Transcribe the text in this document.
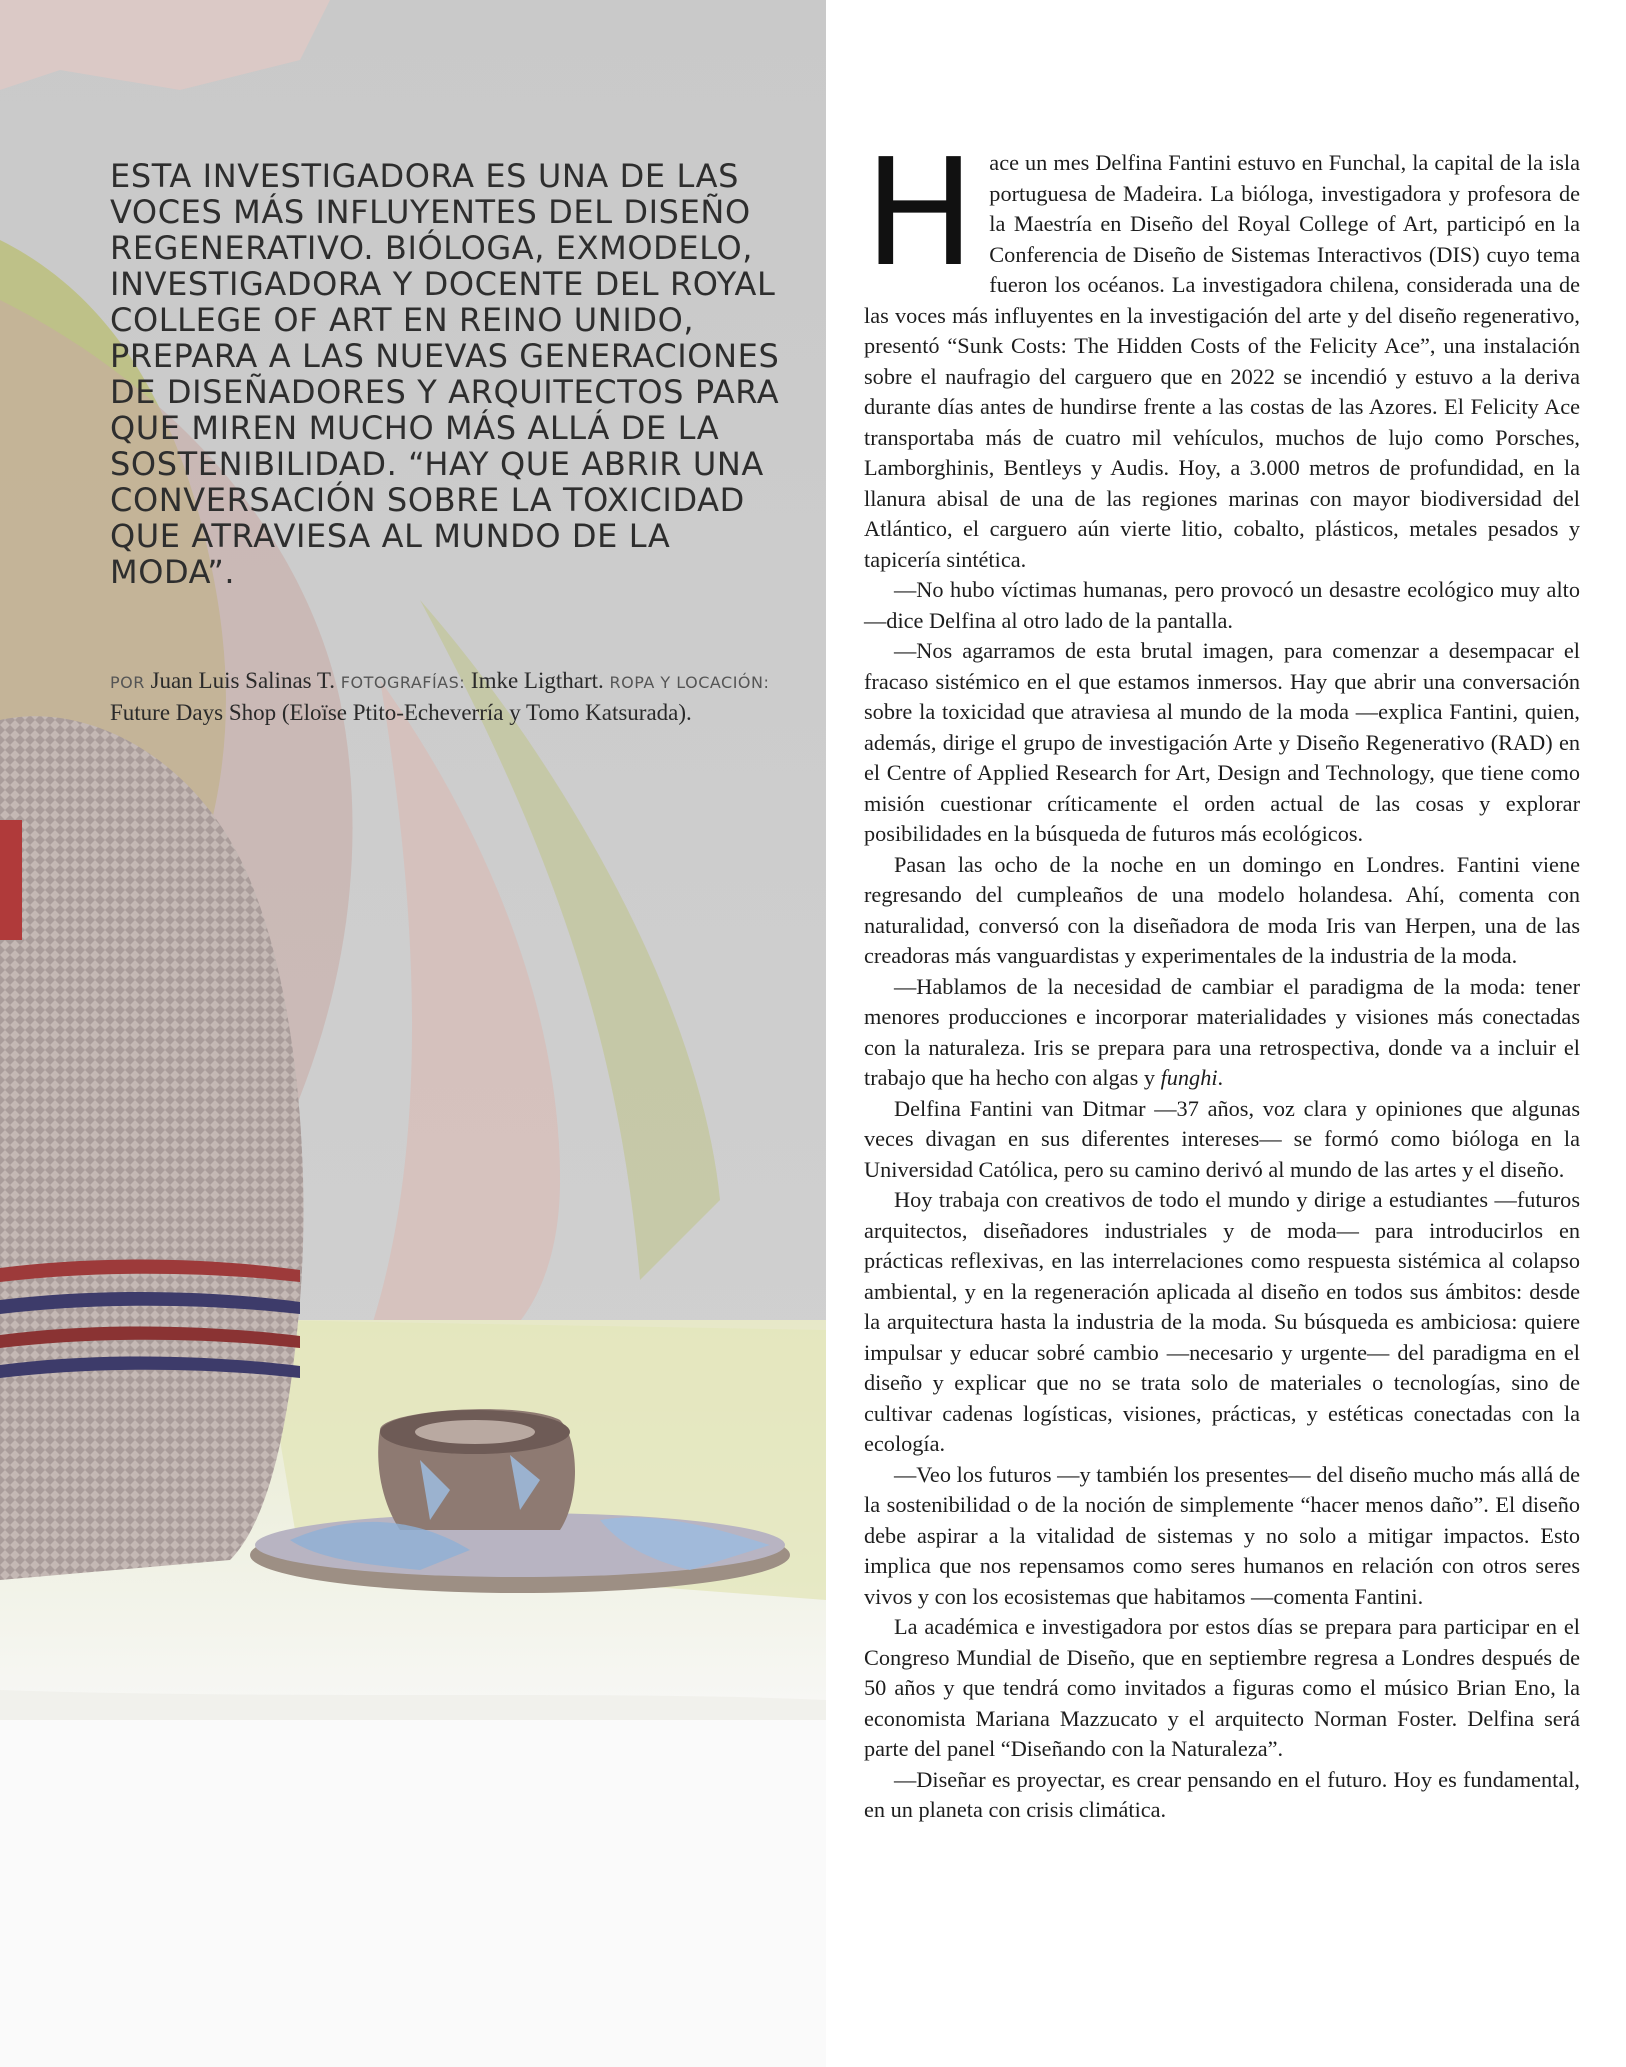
ESTA INVESTIGADORA ES UNA DE LAS VOCES MÁS INFLUYENTES DEL DISEÑO REGENERATIVO. BIÓLOGA, EXMODELO, INVESTIGADORA Y DOCENTE DEL ROYAL COLLEGE OF ART EN REINO UNIDO, PREPARA A LAS NUEVAS GENERACIONES DE DISEÑADORES Y ARQUITECTOS PARA QUE MIREN MUCHO MÁS ALLÁ DE LA SOSTENIBILIDAD. “HAY QUE ABRIR UNA CONVERSACIÓN SOBRE LA TOXICIDAD QUE ATRAVIESA AL MUNDO DE LA MODA”.

POR Juan Luis Salinas T. FOTOGRAFÍAS: Imke Ligthart. ROPA Y LOCACIÓN: Future Days Shop (Eloïse Ptito-Echeverría y Tomo Katsurada).

Hace un mes Delfina Fantini estuvo en Funchal, la capital de la isla portuguesa de Madeira. La bióloga, investigadora y profesora de la Maestría en Diseño del Royal College of Art, participó en la Conferencia de Diseño de Sistemas Interactivos (DIS) cuyo tema fueron los océanos. La investigadora chilena, considerada una de las voces más influyentes en la investigación del arte y del diseño regenerativo, presentó “Sunk Costs: The Hidden Costs of the Felicity Ace”, una instalación sobre el naufragio del carguero que en 2022 se incendió y estuvo a la deriva durante días antes de hundirse frente a las costas de las Azores. El Felicity Ace transportaba más de cuatro mil vehículos, muchos de lujo como Porsches, Lamborghinis, Bentleys y Audis. Hoy, a 3.000 metros de profundidad, en la llanura abisal de una de las regiones marinas con mayor biodiversidad del Atlántico, el carguero aún vierte litio, cobalto, plásticos, metales pesados y tapicería sintética.

—No hubo víctimas humanas, pero provocó un desastre ecológico muy alto —dice Delfina al otro lado de la pantalla.

—Nos agarramos de esta brutal imagen, para comenzar a desempacar el fracaso sistémico en el que estamos inmersos. Hay que abrir una conversación sobre la toxicidad que atraviesa al mundo de la moda —explica Fantini, quien, además, dirige el grupo de investigación Arte y Diseño Regenerativo (RAD) en el Centre of Applied Research for Art, Design and Technology, que tiene como misión cuestionar críticamente el orden actual de las cosas y explorar posibilidades en la búsqueda de futuros más ecológicos.

Pasan las ocho de la noche en un domingo en Londres. Fantini viene regresando del cumpleaños de una modelo holandesa. Ahí, comenta con naturalidad, conversó con la diseñadora de moda Iris van Herpen, una de las creadoras más vanguardistas y experimentales de la industria de la moda.

—Hablamos de la necesidad de cambiar el paradigma de la moda: tener menores producciones e incorporar materialidades y visiones más conectadas con la naturaleza. Iris se prepara para una retrospectiva, donde va a incluir el trabajo que ha hecho con algas y funghi.

Delfina Fantini van Ditmar —37 años, voz clara y opiniones que algunas veces divagan en sus diferentes intereses— se formó como bióloga en la Universidad Católica, pero su camino derivó al mundo de las artes y el diseño.

Hoy trabaja con creativos de todo el mundo y dirige a estudiantes —futuros arquitectos, diseñadores industriales y de moda— para introducirlos en prácticas reflexivas, en las interrelaciones como respuesta sistémica al colapso ambiental, y en la regeneración aplicada al diseño en todos sus ámbitos: desde la arquitectura hasta la industria de la moda. Su búsqueda es ambiciosa: quiere impulsar y educar sobré cambio —necesario y urgente— del paradigma en el diseño y explicar que no se trata solo de materiales o tecnologías, sino de cultivar cadenas logísticas, visiones, prácticas, y estéticas conectadas con la ecología.

—Veo los futuros —y también los presentes— del diseño mucho más allá de la sostenibilidad o de la noción de simplemente “hacer menos daño”. El diseño debe aspirar a la vitalidad de sistemas y no solo a mitigar impactos. Esto implica que nos repensamos como seres humanos en relación con otros seres vivos y con los ecosistemas que habitamos —comenta Fantini.

La académica e investigadora por estos días se prepara para participar en el Congreso Mundial de Diseño, que en septiembre regresa a Londres después de 50 años y que tendrá como invitados a figuras como el músico Brian Eno, la economista Mariana Mazzucato y el arquitecto Norman Foster. Delfina será parte del panel “Diseñando con la Naturaleza”.

—Diseñar es proyectar, es crear pensando en el futuro. Hoy es fundamental, en un planeta con crisis climática.
